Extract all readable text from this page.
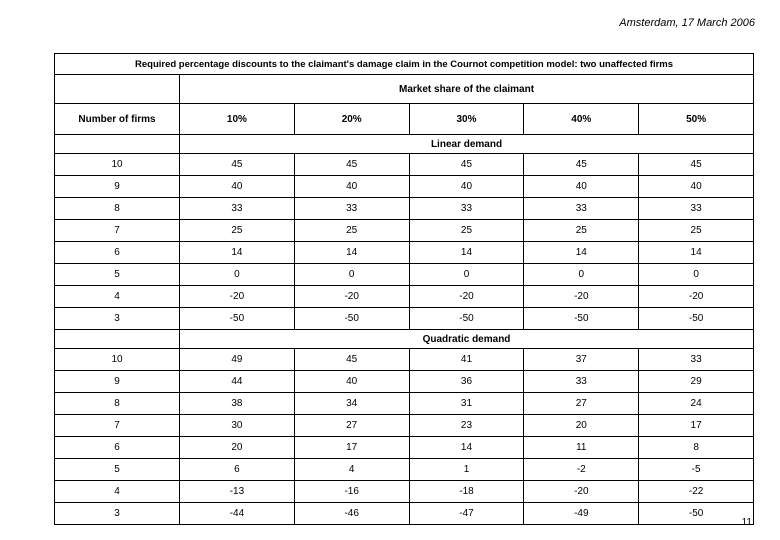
Amsterdam, 17 March 2006
Required percentage discounts to the claimant's damage claim in the Cournot competition model: two unaffected firms					
	Market share of the claimant				
Number of firms	10%	20%	30%	40%	50%
	Linear demand				
10	45	45	45	45	45
9	40	40	40	40	40
8	33	33	33	33	33
7	25	25	25	25	25
6	14	14	14	14	14
5	0	0	0	0	0
4	-20	-20	-20	-20	-20
3	-50	-50	-50	-50	-50
	Quadratic demand				
10	49	45	41	37	33
9	44	40	36	33	29
8	38	34	31	27	24
7	30	27	23	20	17
6	20	17	14	11	8
5	6	4	1	-2	-5
4	-13	-16	-18	-20	-22
3	-44	-46	-47	-49	-50
11
